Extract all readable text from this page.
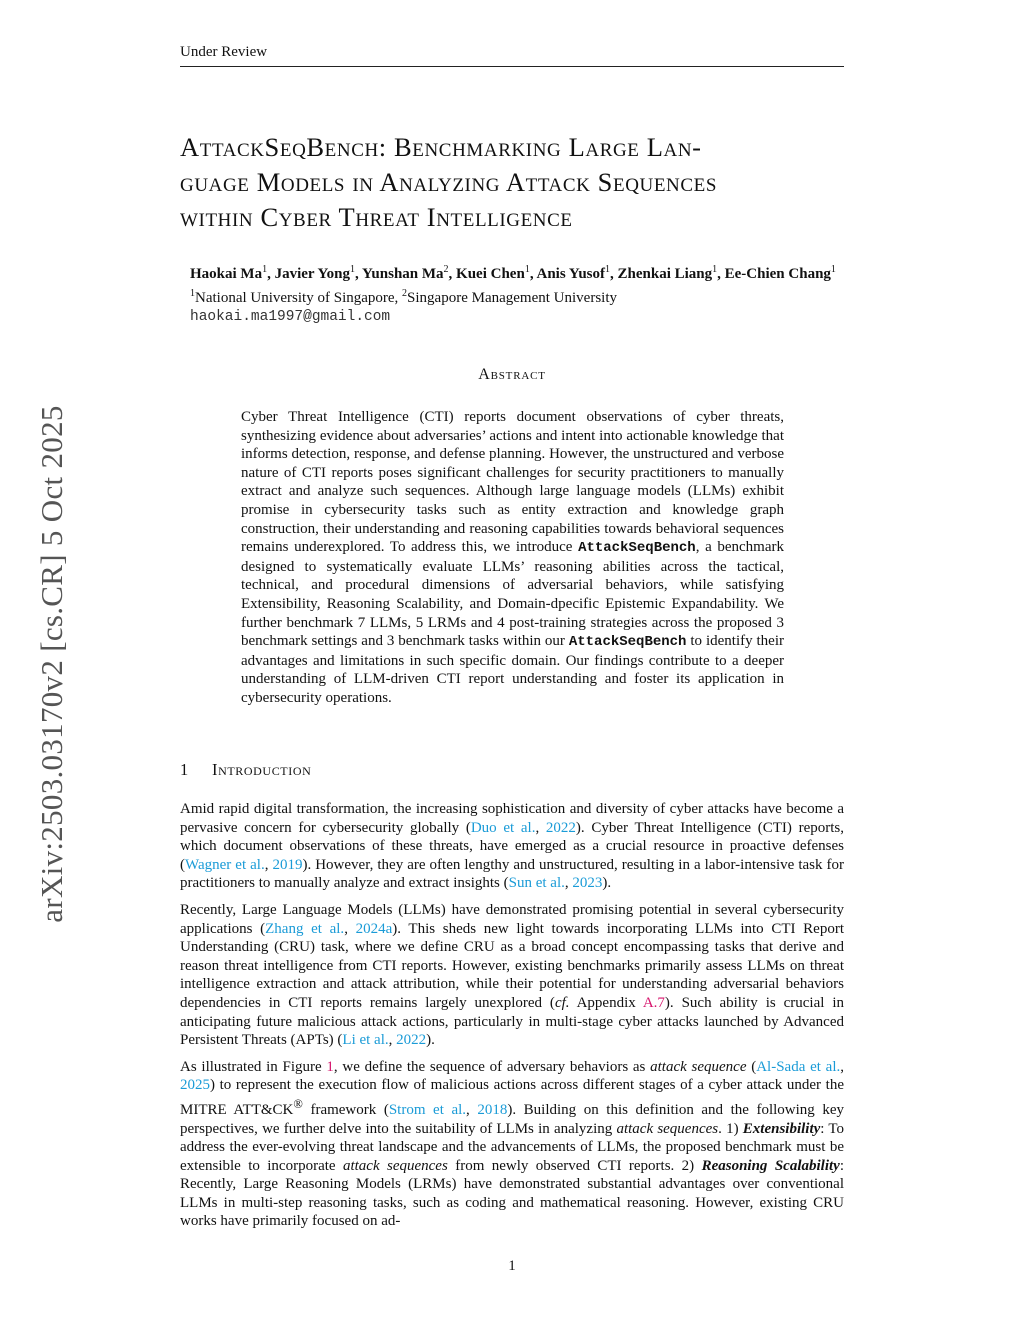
Under Review
arXiv:2503.03170v2 [cs.CR] 5 Oct 2025
AttackSeqBench: Benchmarking Large Lan-
guage Models in Analyzing Attack Sequences
within Cyber Threat Intelligence
Haokai Ma$^1$, Javier Yong$^1$, Yunshan Ma$^2$, Kuei Chen$^1$, Anis Yusof$^1$, Zhenkai Liang$^1$, Ee-Chien Chang$^1$
$^1$National University of Singapore, $^2$Singapore Management University
haokai.ma1997@gmail.com
Abstract

Cyber Threat Intelligence (CTI) reports document observations of cyber threats, synthesizing evidence about adversaries’ actions and intent into actionable knowledge that informs detection, response, and defense planning. However, the unstructured and verbose nature of CTI reports poses significant challenges for security practitioners to manually extract and analyze such sequences. Although large language models (LLMs) exhibit promise in cybersecurity tasks such as entity extraction and knowledge graph construction, their understanding and reasoning capabilities towards behavioral sequences remains underexplored. To address this, we introduce AttackSeqBench, a benchmark designed to systematically evaluate LLMs’ reasoning abilities across the tactical, technical, and procedural dimensions of adversarial behaviors, while satisfying Extensibility, Reasoning Scalability, and Domain-dpecific Epistemic Expandability. We further benchmark 7 LLMs, 5 LRMs and 4 post-training strategies across the proposed 3 benchmark settings and 3 benchmark tasks within our AttackSeqBench to identify their advantages and limitations in such specific domain. Our findings contribute to a deeper understanding of LLM-driven CTI report understanding and foster its application in cybersecurity operations.

1 Introduction

Amid rapid digital transformation, the increasing sophistication and diversity of cyber attacks have become a pervasive concern for cybersecurity globally (Duo et al., 2022). Cyber Threat Intelligence (CTI) reports, which document observations of these threats, have emerged as a crucial resource in proactive defenses (Wagner et al., 2019). However, they are often lengthy and unstructured, resulting in a labor-intensive task for practitioners to manually analyze and extract insights (Sun et al., 2023).

Recently, Large Language Models (LLMs) have demonstrated promising potential in several cybersecurity applications (Zhang et al., 2024a). This sheds new light towards incorporating LLMs into CTI Report Understanding (CRU) task, where we define CRU as a broad concept encompassing tasks that derive and reason threat intelligence from CTI reports. However, existing benchmarks primarily assess LLMs on threat intelligence extraction and attack attribution, while their potential for understanding adversarial behaviors dependencies in CTI reports remains largely unexplored (cf. Appendix A.7). Such ability is crucial in anticipating future malicious attack actions, particularly in multi-stage cyber attacks launched by Advanced Persistent Threats (APTs) (Li et al., 2022).

As illustrated in Figure 1, we define the sequence of adversary behaviors as attack sequence (Al-Sada et al., 2025) to represent the execution flow of malicious actions across different stages of a cyber attack under the MITRE ATT&CK® framework (Strom et al., 2018). Building on this definition and the following key perspectives, we further delve into the suitability of LLMs in analyzing attack sequences. 1) Extensibility: To address the ever-evolving threat landscape and the advancements of LLMs, the proposed benchmark must be extensible to incorporate attack sequences from newly observed CTI reports. 2) Reasoning Scalability: Recently, Large Reasoning Models (LRMs) have demonstrated substantial advantages over conventional LLMs in multi-step reasoning tasks, such as coding and mathematical reasoning. However, existing CRU works have primarily focused on ad-

1
